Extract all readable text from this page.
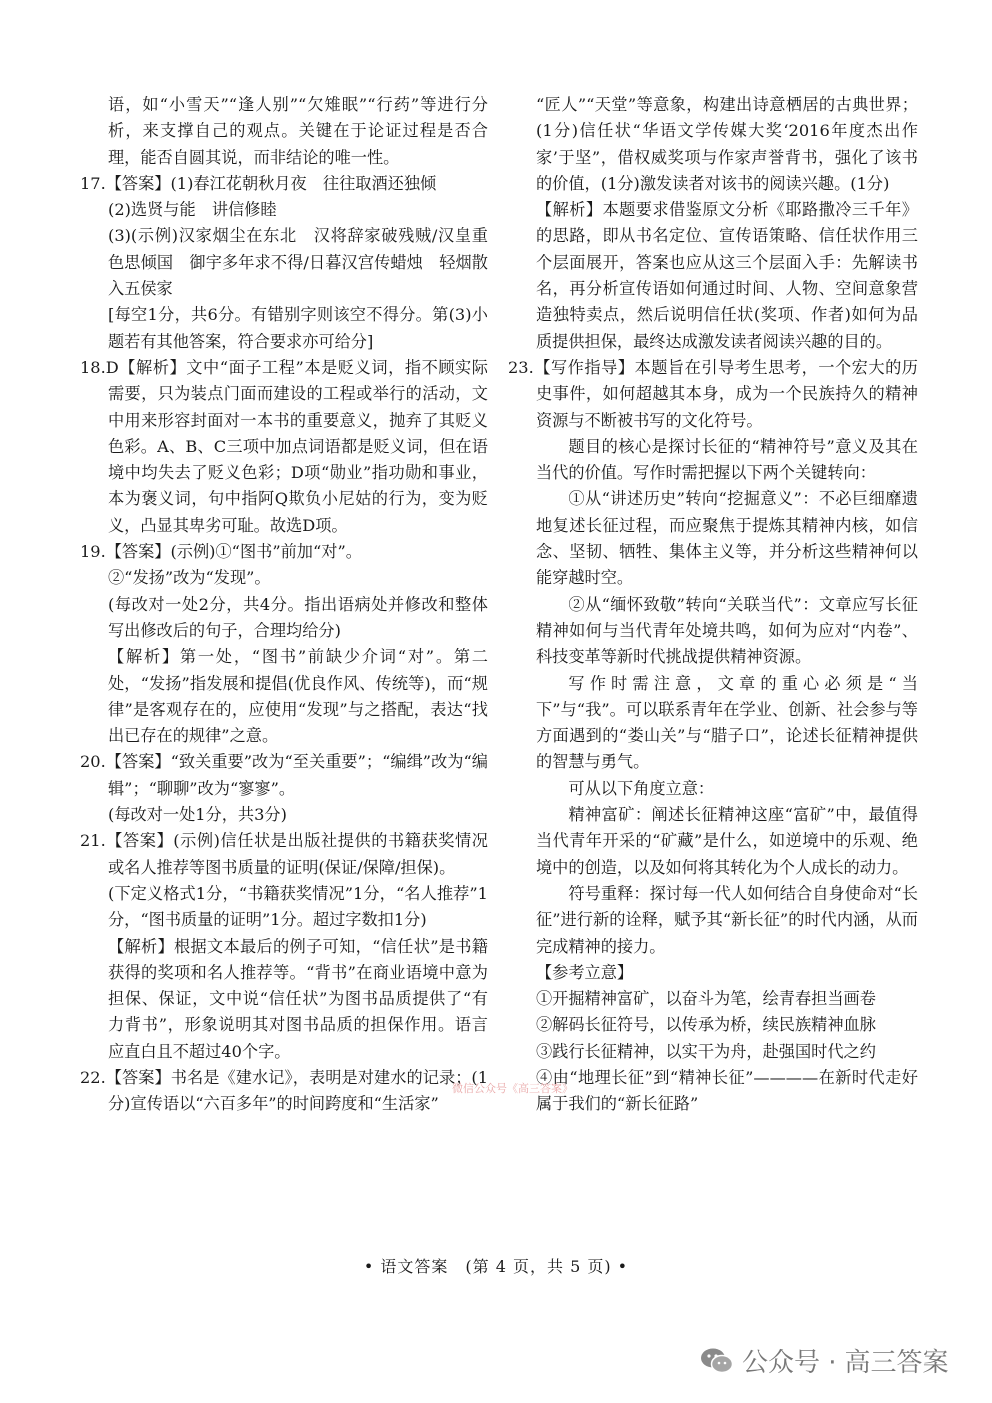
语，如“小雪天”“逢人别”“欠雉眠”“行药”等进行分析，来支撑自己的观点。关键在于论证过程是否合理，能否自圆其说，而非结论的唯一性。

17.【答案】(1)春江花朝秋月夜　往往取酒还独倾

(2)选贤与能　讲信修睦

(3)(示例)汉家烟尘在东北　汉将辞家破残贼/汉皇重色思倾国　御宇多年求不得/日暮汉宫传蜡烛　轻烟散入五侯家

[每空1分，共6分。有错别字则该空不得分。第(3)小题若有其他答案，符合要求亦可给分]

18.D【解析】文中“面子工程”本是贬义词，指不顾实际需要，只为装点门面而建设的工程或举行的活动，文中用来形容封面对一本书的重要意义，抛弃了其贬义色彩。A、B、C三项中加点词语都是贬义词，但在语境中均失去了贬义色彩；D项“勋业”指功勋和事业，本为褒义词，句中指阿Q欺负小尼姑的行为，变为贬义，凸显其卑劣可耻。故选D项。

19.【答案】(示例)①“图书”前加“对”。

②“发扬”改为“发现”。

(每改对一处2分，共4分。指出语病处并修改和整体写出修改后的句子，合理均给分)

【解析】第一处，“图书”前缺少介词“对”。第二处，“发扬”指发展和提倡(优良作风、传统等)，而“规律”是客观存在的，应使用“发现”与之搭配，表达“找出已存在的规律”之意。

20.【答案】“致关重要”改为“至关重要”；“编缉”改为“编辑”；“聊聊”改为“寥寥”。

(每改对一处1分，共3分)

21.【答案】(示例)信任状是出版社提供的书籍获奖情况或名人推荐等图书质量的证明(保证/保障/担保)。

(下定义格式1分，“书籍获奖情况”1分，“名人推荐”1分，“图书质量的证明”1分。超过字数扣1分)

【解析】根据文本最后的例子可知，“信任状”是书籍获得的奖项和名人推荐等。“背书”在商业语境中意为担保、保证，文中说“信任状”为图书品质提供了“有力背书”，形象说明其对图书品质的担保作用。语言应直白且不超过40个字。

22.【答案】书名是《建水记》，表明是对建水的记录；(1分)宣传语以“六百多年”的时间跨度和“生活家”

“匠人”“天堂”等意象，构建出诗意栖居的古典世界；(1分)信任状“华语文学传媒大奖‘2016年度杰出作家’于坚”，借权威奖项与作家声誉背书，强化了该书的价值，(1分)激发读者对该书的阅读兴趣。(1分)

【解析】本题要求借鉴原文分析《耶路撒冷三千年》的思路，即从书名定位、宣传语策略、信任状作用三个层面展开，答案也应从这三个层面入手：先解读书名，再分析宣传语如何通过时间、人物、空间意象营造独特卖点，然后说明信任状(奖项、作者)如何为品质提供担保，最终达成激发读者阅读兴趣的目的。

23.【写作指导】本题旨在引导考生思考，一个宏大的历史事件，如何超越其本身，成为一个民族持久的精神资源与不断被书写的文化符号。

题目的核心是探讨长征的“精神符号”意义及其在当代的价值。写作时需把握以下两个关键转向：

①从“讲述历史”转向“挖掘意义”：不必巨细靡遗地复述长征过程，而应聚焦于提炼其精神内核，如信念、坚韧、牺牲、集体主义等，并分析这些精神何以能穿越时空。

②从“缅怀致敬”转向“关联当代”：文章应写长征精神如何与当代青年处境共鸣，如何为应对“内卷”、科技变革等新时代挑战提供精神资源。

写作时需注意，文章的重心必须是“当下”与“我”。可以联系青年在学业、创新、社会参与等方面遇到的“娄山关”与“腊子口”，论述长征精神提供的智慧与勇气。

可从以下角度立意：

精神富矿：阐述长征精神这座“富矿”中，最值得当代青年开采的“矿藏”是什么，如逆境中的乐观、绝境中的创造，以及如何将其转化为个人成长的动力。

符号重释：探讨每一代人如何结合自身使命对“长征”进行新的诠释，赋予其“新长征”的时代内涵，从而完成精神的接力。

【参考立意】

①开掘精神富矿，以奋斗为笔，绘青春担当画卷

②解码长征符号，以传承为桥，续民族精神血脉

③践行长征精神，以实干为舟，赴强国时代之约

④由“地理长征”到“精神长征”————在新时代走好属于我们的“新长征路”

• 语文答案　(第 4 页，共 5 页) •
微信公众号《高三答案》
公众号 · 高三答案
